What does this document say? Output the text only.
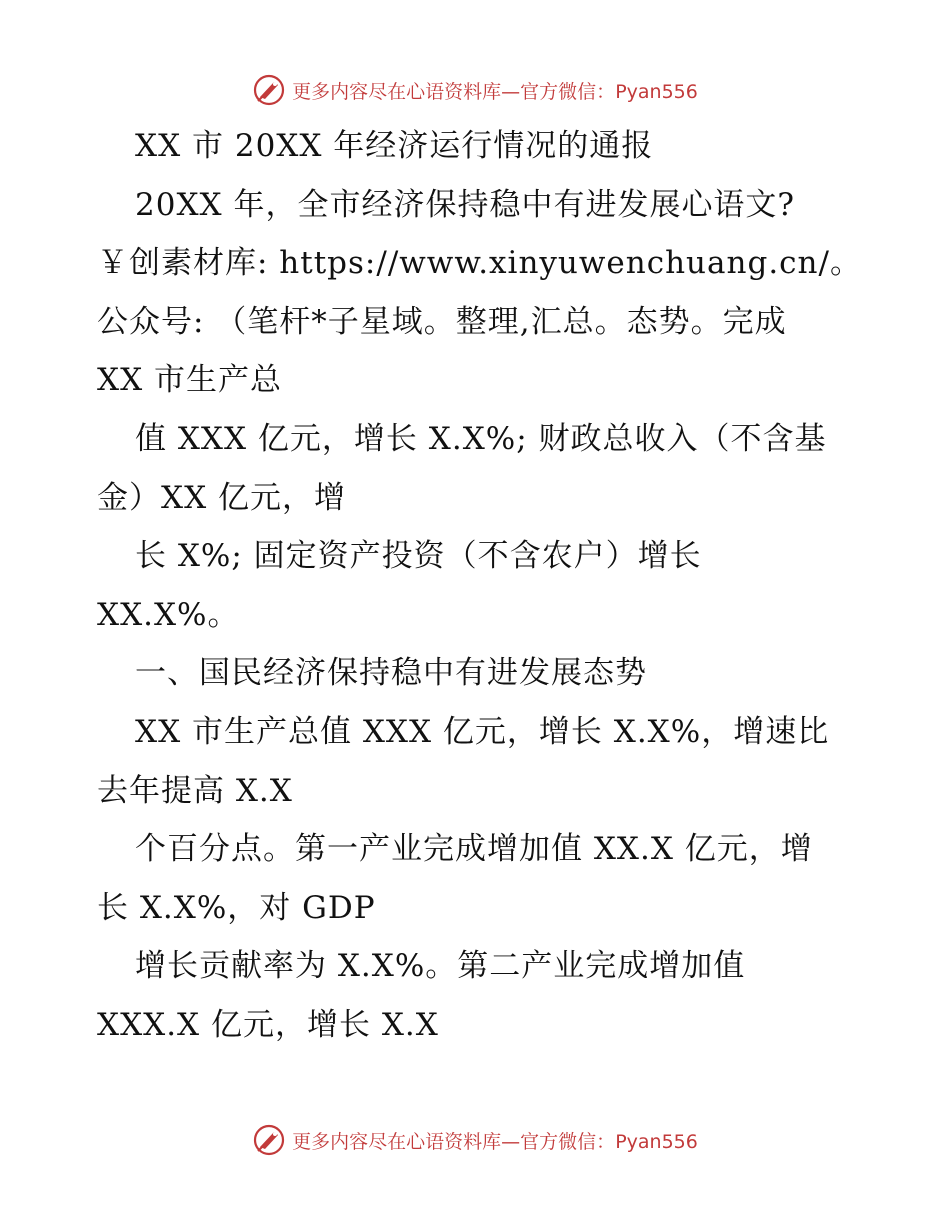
更多内容尽在心语资料库—官方微信：Pyan556
XX 市 20XX 年经济运行情况的通报
20XX 年，全市经济保持稳中有进发展心语文?
￥创素材库: https://www.xinyuwenchuang.cn/。
公众号: （笔杆*子星域。整理,汇总。态势。完成
XX 市生产总
值 XXX 亿元，增长 X.X%; 财政总收入（不含基
金）XX 亿元，增
长 X%; 固定资产投资（不含农户）增长
XX.X%。
一、国民经济保持稳中有进发展态势
XX 市生产总值 XXX 亿元，增长 X.X%，增速比
去年提高 X.X
个百分点。第一产业完成增加值 XX.X 亿元，增
长 X.X%，对 GDP
增长贡献率为 X.X%。第二产业完成增加值
XXX.X 亿元，增长 X.X
更多内容尽在心语资料库—官方微信：Pyan556
